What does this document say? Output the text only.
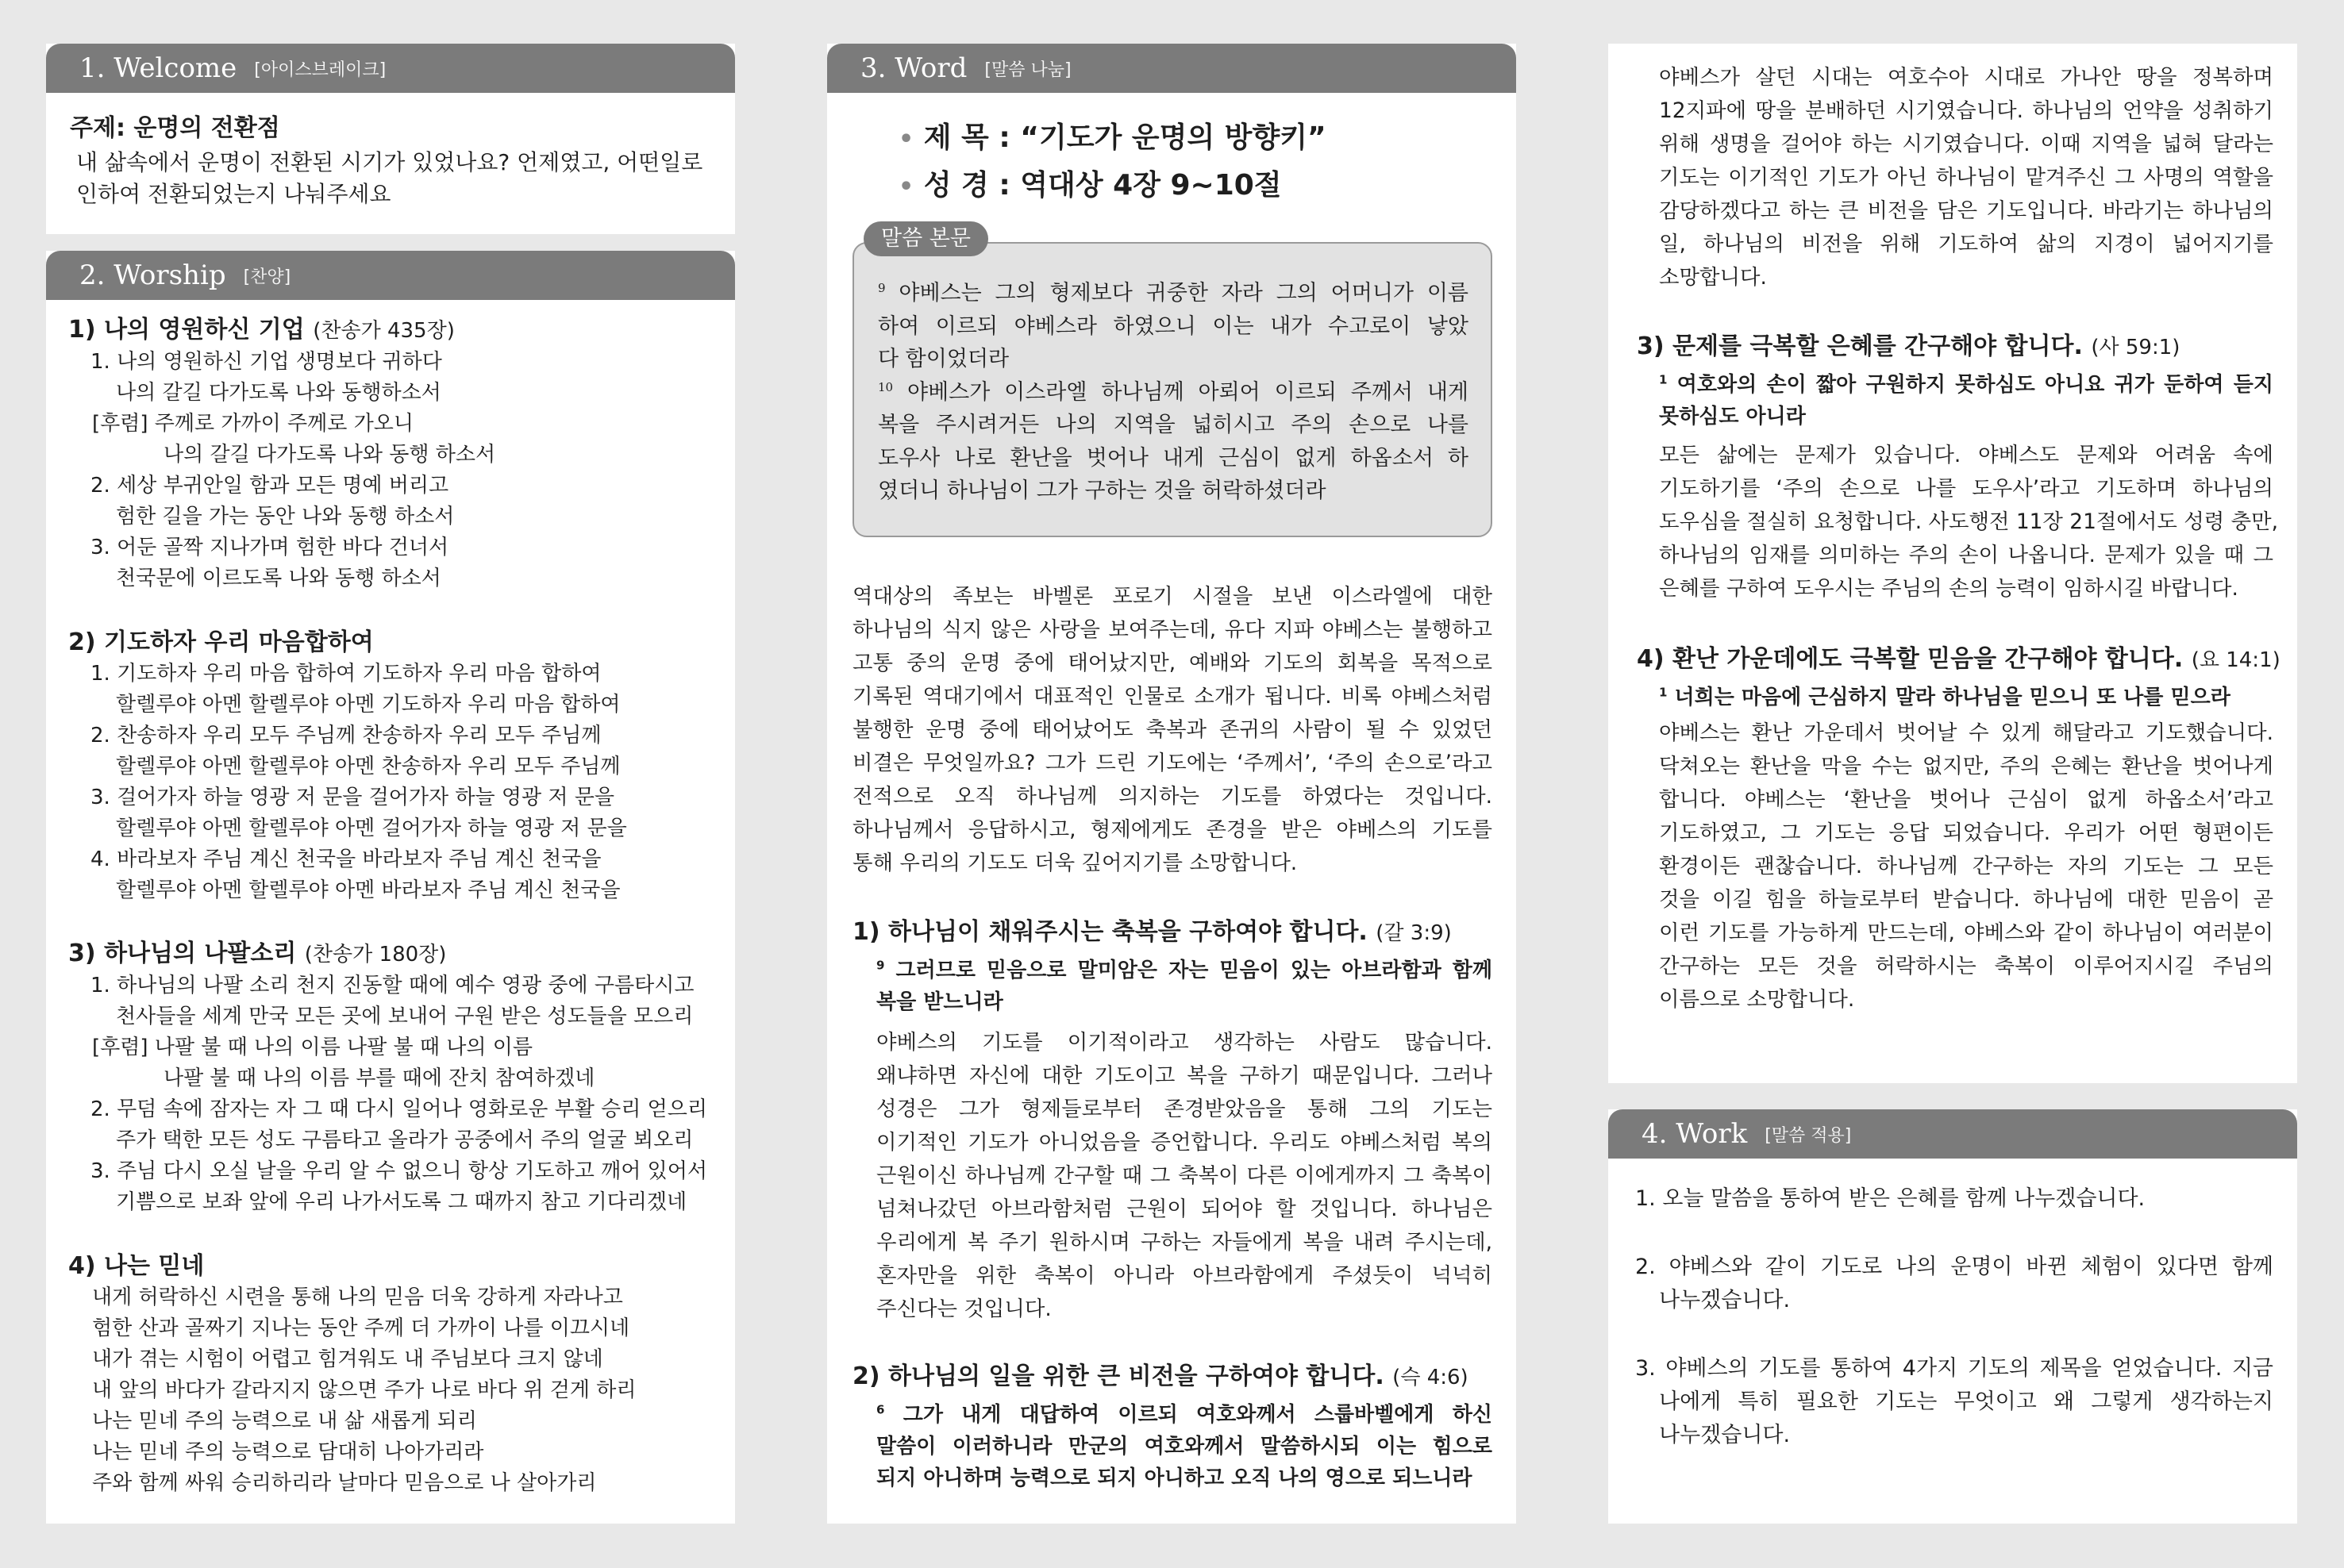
1. Welcome [아이스브레이크]
주제: 운명의 전환점
내 삶속에서 운명이 전환된 시기가 있었나요? 언제였고, 어떤일로
인하여 전환되었는지 나눠주세요
2. Worship [찬양]
1) 나의 영원하신 기업 (찬송가 435장)
1. 나의 영원하신 기업 생명보다 귀하다
나의 갈길 다가도록 나와 동행하소서
[후렴] 주께로 가까이 주께로 가오니
나의 갈길 다가도록 나와 동행 하소서
2. 세상 부귀안일 함과 모든 명예 버리고
험한 길을 가는 동안 나와 동행 하소서
3. 어둔 골짝 지나가며 험한 바다 건너서
천국문에 이르도록 나와 동행 하소서
2) 기도하자 우리 마음합하여
1. 기도하자 우리 마음 합하여 기도하자 우리 마음 합하여
할렐루야 아멘 할렐루야 아멘 기도하자 우리 마음 합하여
2. 찬송하자 우리 모두 주님께 찬송하자 우리 모두 주님께
할렐루야 아멘 할렐루야 아멘 찬송하자 우리 모두 주님께
3. 걸어가자 하늘 영광 저 문을 걸어가자 하늘 영광 저 문을
할렐루야 아멘 할렐루야 아멘 걸어가자 하늘 영광 저 문을
4. 바라보자 주님 계신 천국을 바라보자 주님 계신 천국을
할렐루야 아멘 할렐루야 아멘 바라보자 주님 계신 천국을
3) 하나님의 나팔소리 (찬송가 180장)
1. 하나님의 나팔 소리 천지 진동할 때에 예수 영광 중에 구름타시고
천사들을 세계 만국 모든 곳에 보내어 구원 받은 성도들을 모으리
[후렴] 나팔 불 때 나의 이름 나팔 불 때 나의 이름
나팔 불 때 나의 이름 부를 때에 잔치 참여하겠네
2. 무덤 속에 잠자는 자 그 때 다시 일어나 영화로운 부활 승리 얻으리
주가 택한 모든 성도 구름타고 올라가 공중에서 주의 얼굴 뵈오리
3. 주님 다시 오실 날을 우리 알 수 없으니 항상 기도하고 깨어 있어서
기쁨으로 보좌 앞에 우리 나가서도록 그 때까지 참고 기다리겠네
4) 나는 믿네
내게 허락하신 시련을 통해 나의 믿음 더욱 강하게 자라나고
험한 산과 골짜기 지나는 동안 주께 더 가까이 나를 이끄시네
내가 겪는 시험이 어렵고 힘겨워도 내 주님보다 크지 않네
내 앞의 바다가 갈라지지 않으면 주가 나로 바다 위 걷게 하리
나는 믿네 주의 능력으로 내 삶 새롭게 되리
나는 믿네 주의 능력으로 담대히 나아가리라
주와 함께 싸워 승리하리라 날마다 믿음으로 나 살아가리
3. Word [말씀 나눔]
• 제 목 : “기도가 운명의 방향키”
• 성 경 : 역대상 4장 9~10절
$^9$ 야베스는 그의 형제보다 귀중한 자라 그의 어머니가 이름
하여 이르되 야베스라 하였으니 이는 내가 수고로이 낳았
다 함이었더라
$^{10}$ 야베스가 이스라엘 하나님께 아뢰어 이르되 주께서 내게
복을 주시려거든 나의 지역을 넓히시고 주의 손으로 나를
도우사 나로 환난을 벗어나 내게 근심이 없게 하옵소서 하
였더니 하나님이 그가 구하는 것을 허락하셨더라
말씀 본문
역대상의 족보는 바벨론 포로기 시절을 보낸 이스라엘에 대한
하나님의 식지 않은 사랑을 보여주는데, 유다 지파 야베스는 불행하고
고통 중의 운명 중에 태어났지만, 예배와 기도의 회복을 목적으로
기록된 역대기에서 대표적인 인물로 소개가 됩니다. 비록 야베스처럼
불행한 운명 중에 태어났어도 축복과 존귀의 사람이 될 수 있었던
비결은 무엇일까요? 그가 드린 기도에는 ‘주께서’, ‘주의 손으로’라고
전적으로 오직 하나님께 의지하는 기도를 하였다는 것입니다.
하나님께서 응답하시고, 형제에게도 존경을 받은 야베스의 기도를
통해 우리의 기도도 더욱 깊어지기를 소망합니다.
1) 하나님이 채워주시는 축복을 구하여야 합니다. (갈 3:9)
$^9$ 그러므로 믿음으로 말미암은 자는 믿음이 있는 아브라함과 함께
복을 받느니라
야베스의 기도를 이기적이라고 생각하는 사람도 많습니다.
왜냐하면 자신에 대한 기도이고 복을 구하기 때문입니다. 그러나
성경은 그가 형제들로부터 존경받았음을 통해 그의 기도는
이기적인 기도가 아니었음을 증언합니다. 우리도 야베스처럼 복의
근원이신 하나님께 간구할 때 그 축복이 다른 이에게까지 그 축복이
넘쳐나갔던 아브라함처럼 근원이 되어야 할 것입니다. 하나님은
우리에게 복 주기 원하시며 구하는 자들에게 복을 내려 주시는데,
혼자만을 위한 축복이 아니라 아브라함에게 주셨듯이 넉넉히
주신다는 것입니다.
2) 하나님의 일을 위한 큰 비전을 구하여야 합니다. (슥 4:6)
$^6$ 그가 내게 대답하여 이르되 여호와께서 스룹바벨에게 하신
말씀이 이러하니라 만군의 여호와께서 말씀하시되 이는 힘으로
되지 아니하며 능력으로 되지 아니하고 오직 나의 영으로 되느니라
야베스가 살던 시대는 여호수아 시대로 가나안 땅을 정복하며
12지파에 땅을 분배하던 시기였습니다. 하나님의 언약을 성취하기
위해 생명을 걸어야 하는 시기였습니다. 이때 지역을 넓혀 달라는
기도는 이기적인 기도가 아닌 하나님이 맡겨주신 그 사명의 역할을
감당하겠다고 하는 큰 비전을 담은 기도입니다. 바라기는 하나님의
일, 하나님의 비전을 위해 기도하여 삶의 지경이 넓어지기를
소망합니다.
3) 문제를 극복할 은혜를 간구해야 합니다. (사 59:1)
$^1$ 여호와의 손이 짧아 구원하지 못하심도 아니요 귀가 둔하여 듣지
못하심도 아니라
모든 삶에는 문제가 있습니다. 야베스도 문제와 어려움 속에
기도하기를 ‘주의 손으로 나를 도우사’라고 기도하며 하나님의
도우심을 절실히 요청합니다. 사도행전 11장 21절에서도 성령 충만,
하나님의 임재를 의미하는 주의 손이 나옵니다. 문제가 있을 때 그
은혜를 구하여 도우시는 주님의 손의 능력이 임하시길 바랍니다.
4) 환난 가운데에도 극복할 믿음을 간구해야 합니다. (요 14:1)
$^1$ 너희는 마음에 근심하지 말라 하나님을 믿으니 또 나를 믿으라
야베스는 환난 가운데서 벗어날 수 있게 해달라고 기도했습니다.
닥쳐오는 환난을 막을 수는 없지만, 주의 은혜는 환난을 벗어나게
합니다. 야베스는 ‘환난을 벗어나 근심이 없게 하옵소서’라고
기도하였고, 그 기도는 응답 되었습니다. 우리가 어떤 형편이든
환경이든 괜찮습니다. 하나님께 간구하는 자의 기도는 그 모든
것을 이길 힘을 하늘로부터 받습니다. 하나님에 대한 믿음이 곧
이런 기도를 가능하게 만드는데, 야베스와 같이 하나님이 여러분이
간구하는 모든 것을 허락하시는 축복이 이루어지시길 주님의
이름으로 소망합니다.
4. Work [말씀 적용]
1. 오늘 말씀을 통하여 받은 은혜를 함께 나누겠습니다.
2. 야베스와 같이 기도로 나의 운명이 바뀐 체험이 있다면 함께
나누겠습니다.
3. 야베스의 기도를 통하여 4가지 기도의 제목을 얻었습니다. 지금
나에게 특히 필요한 기도는 무엇이고 왜 그렇게 생각하는지
나누겠습니다.
